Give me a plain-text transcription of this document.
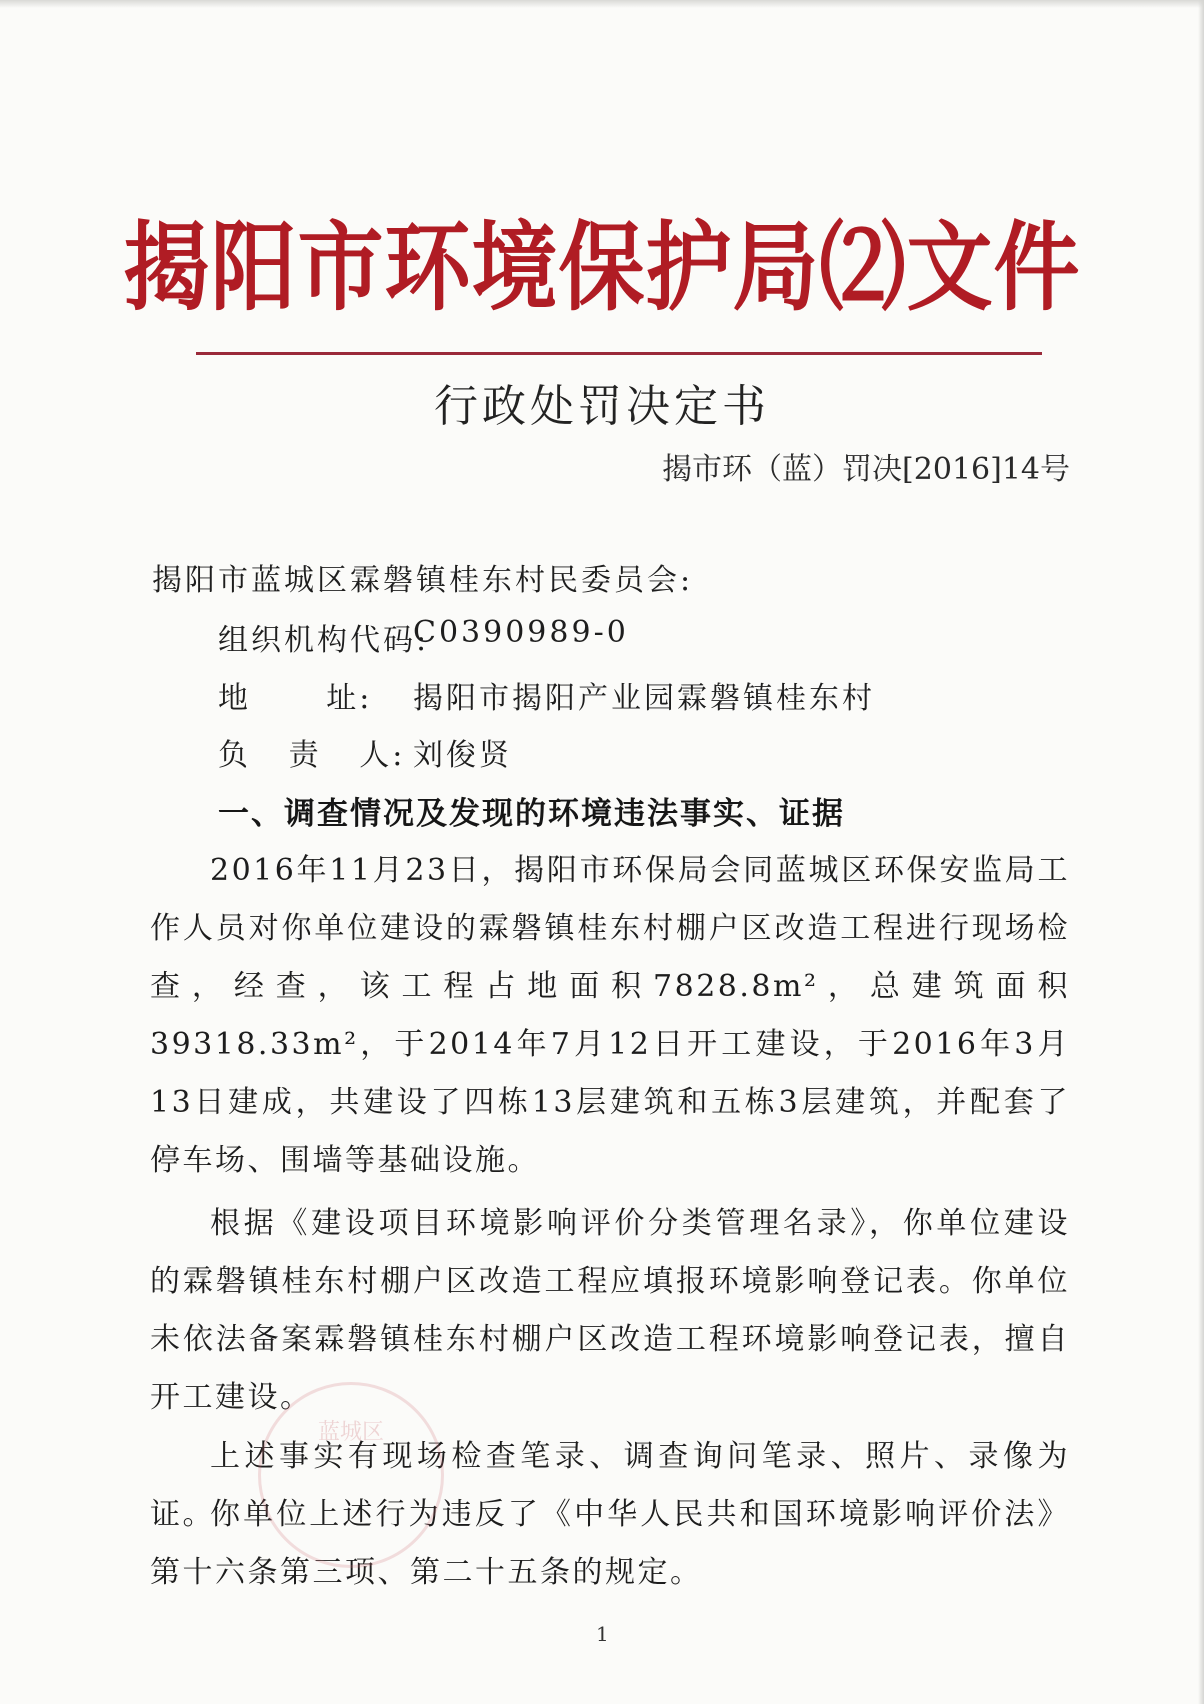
揭阳市环境保护局⑵文件
行政处罚决定书
揭市环（蓝）罚决[2016]14号
揭阳市蓝城区霖磐镇桂东村民委员会:
组织机构代码:
C0390989-0
地      址:	揭阳市揭阳产业园霖磐镇桂东村
负   责   人: 刘俊贤
一、调查情况及发现的环境违法事实、证据
2016年11月23日，揭阳市环保局会同蓝城区环保安监局工作人员对你单位建设的霖磐镇桂东村棚户区改造工程进行现场检查，经查，该工程占地面积7828.8m²，总建筑面积39318.33m²，于2014年7月12日开工建设，于2016年3月13日建成，共建设了四栋13层建筑和五栋3层建筑，并配套了停车场、围墙等基础设施。
根据《建设项目环境影响评价分类管理名录》，你单位建设的霖磐镇桂东村棚户区改造工程应填报环境影响登记表。你单位未依法备案霖磐镇桂东村棚户区改造工程环境影响登记表，擅自开工建设。
上述事实有现场检查笔录、调查询问笔录、照片、录像为证。
你单位上述行为违反了《中华人民共和国环境影响评价法》第十六条第三项、第二十五条的规定。
蓝城区
1
